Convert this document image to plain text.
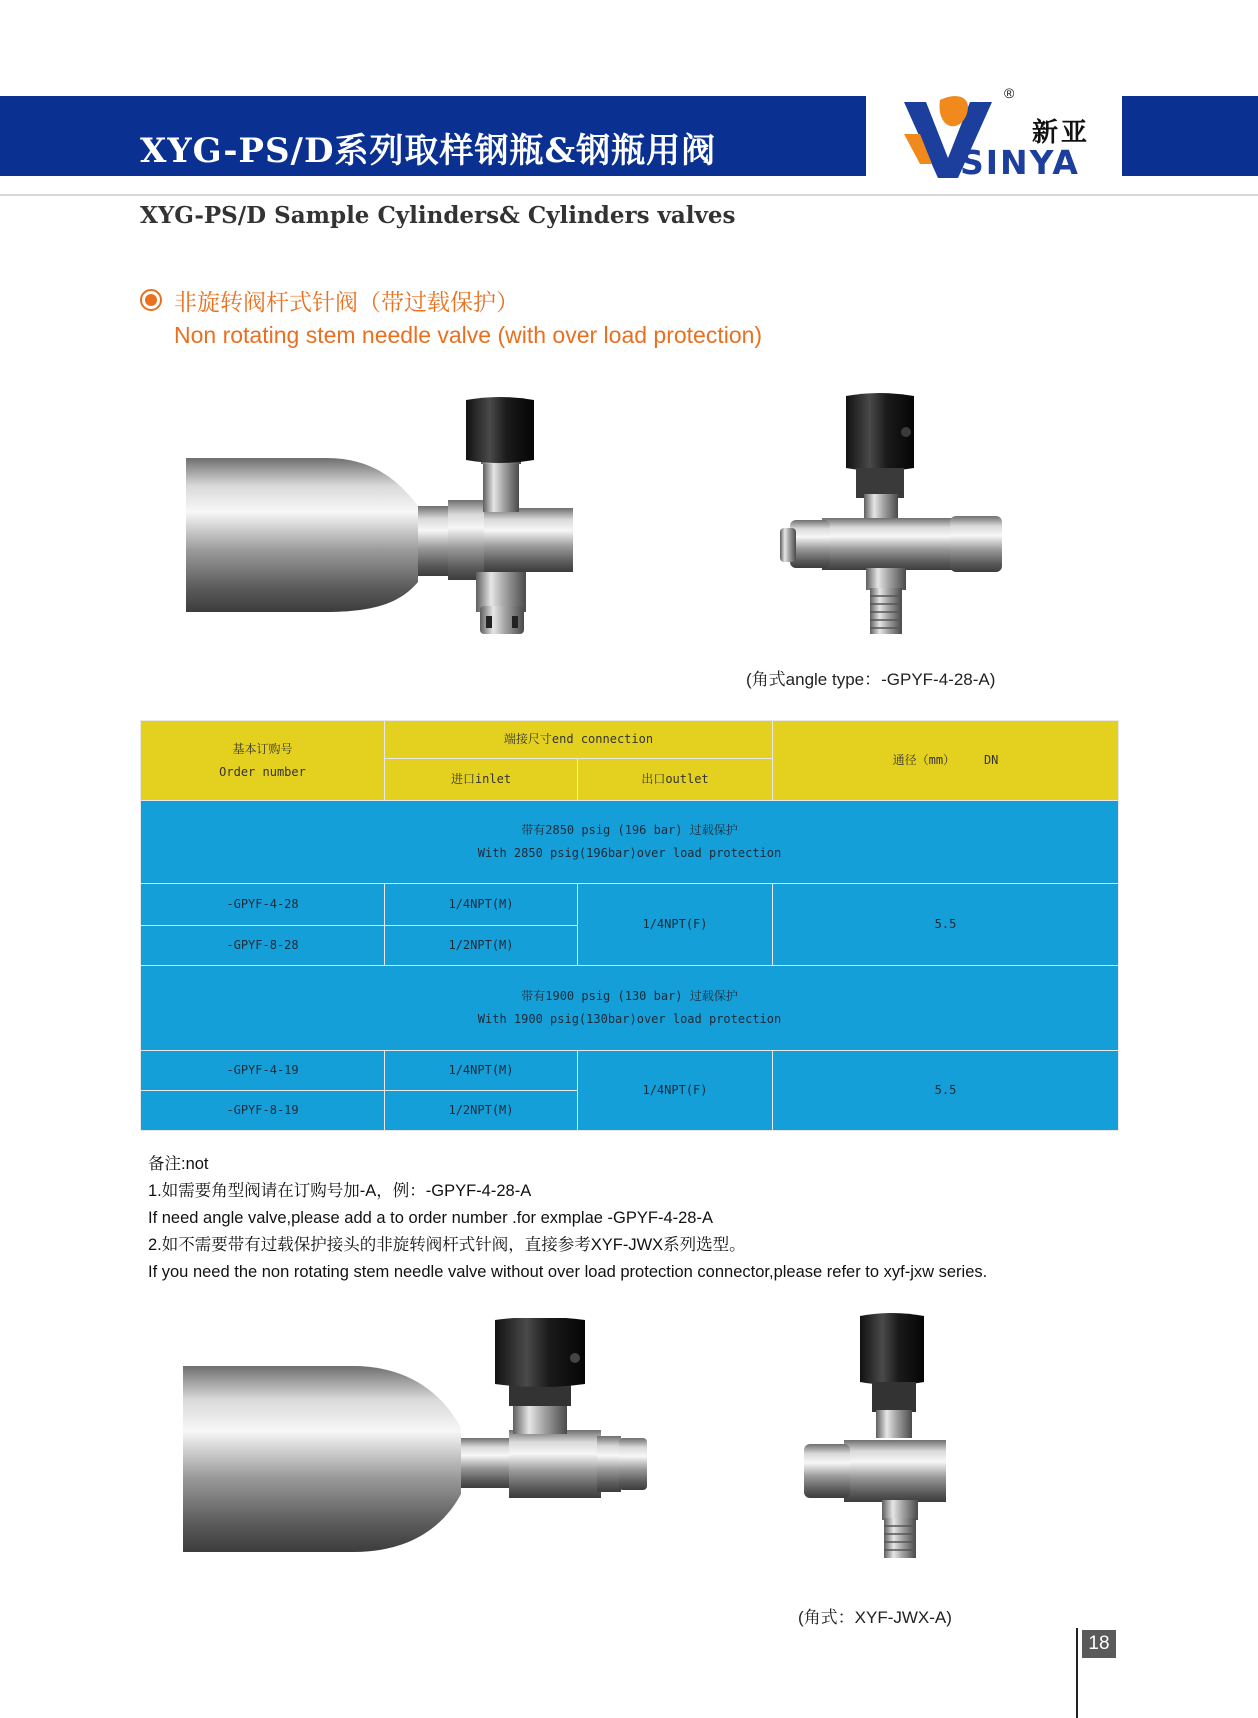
XYG-PS/D系列取样钢瓶&钢瓶用阀
®
新亚
SINYA
XYG-PS/D Sample Cylinders& Cylinders valves
非旋转阀杆式针阀（带过载保护）
Non rotating stem needle valve (with over load protection)
(角式angle type：-GPYF-4-28-A)
基本订购号
Order number	端接尺寸end connection		通径（mm）    DN
	进口inlet	出口outlet	

带有2850 psig (196 bar) 过载保护
With 2850 psig(196bar)over load protection			

-GPYF-4-28	1/4NPT(M)	1/4NPT(F)	5.5
-GPYF-8-28	1/2NPT(M)		

带有1900 psig (130 bar) 过载保护
With 1900 psig(130bar)over load protection			

-GPYF-4-19	1/4NPT(M)	1/4NPT(F)	5.5
-GPYF-8-19	1/2NPT(M)		
备注:not
1.如需要角型阀请在订购号加-A，例：-GPYF-4-28-A
If need angle valve,please add a to order number .for exmplae -GPYF-4-28-A
2.如不需要带有过载保护接头的非旋转阀杆式针阀，直接参考XYF-JWX系列选型。
If you need the non rotating stem needle valve without over load protection connector,please refer to xyf-jxw series.
(角式：XYF-JWX-A)
18
